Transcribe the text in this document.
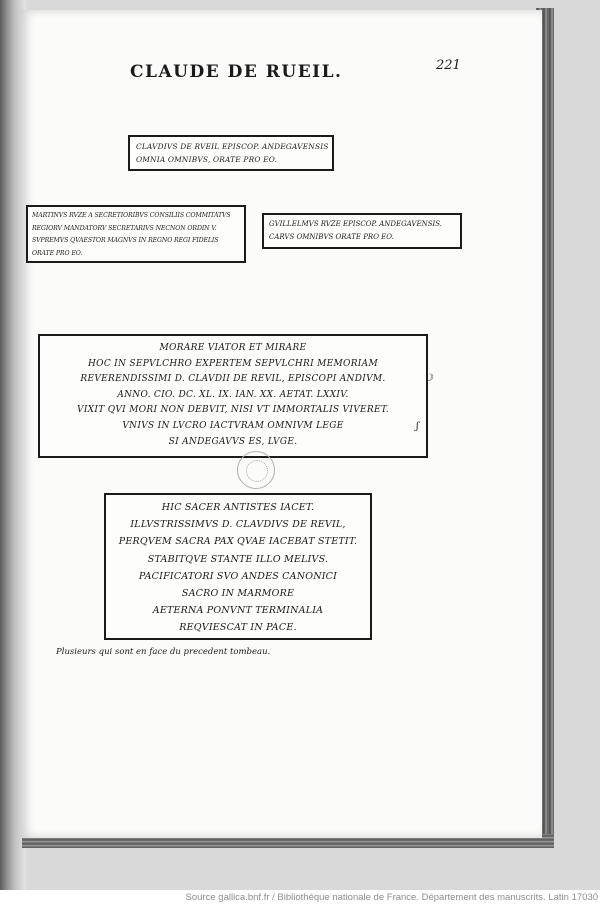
CLAUDE DE RUEIL.	221
CLAVDIVS DE RVEIL EPISCOP. ANDEGAVENSIS
OMNIA OMNIBVS, ORATE PRO EO.
MARTINVS RVZE A SECRETIORIBVS CONSILIIS COMMITATVS
REGIORV MANDATORV SECRETARIVS NECNON ORDIN V.
SVPREMVS QVAESTOR MAGNVS IN REGNO REGI FIDELIS
ORATE PRO EO.
GVILLELMVS RVZE EPISCOP. ANDEGAVENSIS.
CARVS OMNIBVS ORATE PRO EO.
MORARE VIATOR ET MIRARE
HOC IN SEPVLCHRO EXPERTEM SEPVLCHRI MEMORIAM
REVERENDISSIMI D. CLAVDII DE REVIL, EPISCOPI ANDIVM.
ANNO. CIO. DC. XL. IX. IAN. XX. AETAT. LXXIV.
VIXIT QVI MORI NON DEBVIT, NISI VT IMMORTALIS VIVERET.
VNIVS IN LVCRO IACTVRAM OMNIVM LEGE
SI ANDEGAVVS ES, LVGE.
☽
ʃ
HIC SACER ANTISTES IACET.
ILLVSTRISSIMVS D. CLAVDIVS DE REVIL,
PERQVEM SACRA PAX QVAE IACEBAT STETIT.
STABITQVE STANTE ILLO MELIVS.
PACIFICATORI SVO ANDES CANONICI
SACRO IN MARMORE
AETERNA PONVNT TERMINALIA
REQVIESCAT IN PACE.
Plusieurs qui sont en face du precedent tombeau.
Source gallica.bnf.fr / Bibliothèque nationale de France. Département des manuscrits. Latin 17030
